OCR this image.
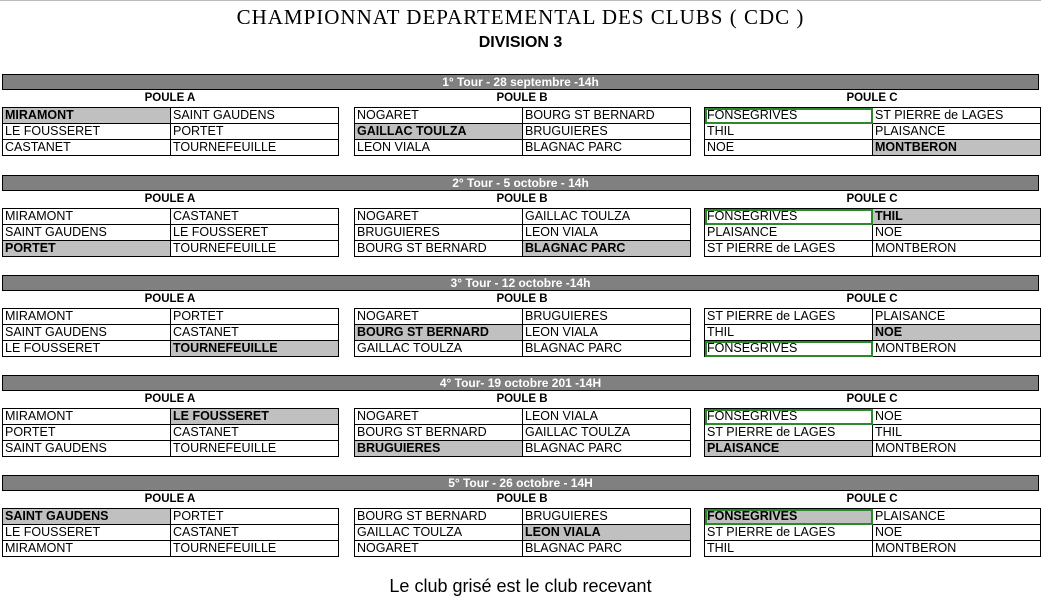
CHAMPIONNAT DEPARTEMENTAL DES CLUBS ( CDC )
DIVISION 3
1° Tour - 28 septembre -14h
POULE A
MIRAMONT	SAINT GAUDENS
LE FOUSSERET	PORTET
CASTANET	TOURNEFEUILLE
POULE B
NOGARET	BOURG ST BERNARD
GAILLAC TOULZA	BRUGUIERES
LEON VIALA	BLAGNAC PARC
POULE C
FONSEGRIVES	ST PIERRE de LAGES
THIL	PLAISANCE
NOE	MONTBERON
2° Tour - 5 octobre - 14h
POULE A
MIRAMONT	CASTANET
SAINT GAUDENS	LE FOUSSERET
PORTET	TOURNEFEUILLE
POULE B
NOGARET	GAILLAC TOULZA
BRUGUIERES	LEON VIALA
BOURG ST BERNARD	BLAGNAC PARC
POULE C
FONSEGRIVES	THIL
PLAISANCE	NOE
ST PIERRE de LAGES	MONTBERON
3° Tour - 12 octobre -14h
POULE A
MIRAMONT	PORTET
SAINT GAUDENS	CASTANET
LE FOUSSERET	TOURNEFEUILLE
POULE B
NOGARET	BRUGUIERES
BOURG ST BERNARD	LEON VIALA
GAILLAC TOULZA	BLAGNAC PARC
POULE C
ST PIERRE de LAGES	PLAISANCE
THIL	NOE
FONSEGRIVES	MONTBERON
4° Tour- 19 octobre 201 -14H
POULE A
MIRAMONT	LE FOUSSERET
PORTET	CASTANET
SAINT GAUDENS	TOURNEFEUILLE
POULE B
NOGARET	LEON VIALA
BOURG ST BERNARD	GAILLAC TOULZA
BRUGUIERES	BLAGNAC PARC
POULE C
FONSEGRIVES	NOE
ST PIERRE de LAGES	THIL
PLAISANCE	MONTBERON
5° Tour - 26 octobre - 14H
POULE A
SAINT GAUDENS	PORTET
LE FOUSSERET	CASTANET
MIRAMONT	TOURNEFEUILLE
POULE B
BOURG ST BERNARD	BRUGUIERES
GAILLAC TOULZA	LEON VIALA
NOGARET	BLAGNAC PARC
POULE C
FONSEGRIVES	PLAISANCE
ST PIERRE de LAGES	NOE
THIL	MONTBERON
Le club grisé est le club recevant
